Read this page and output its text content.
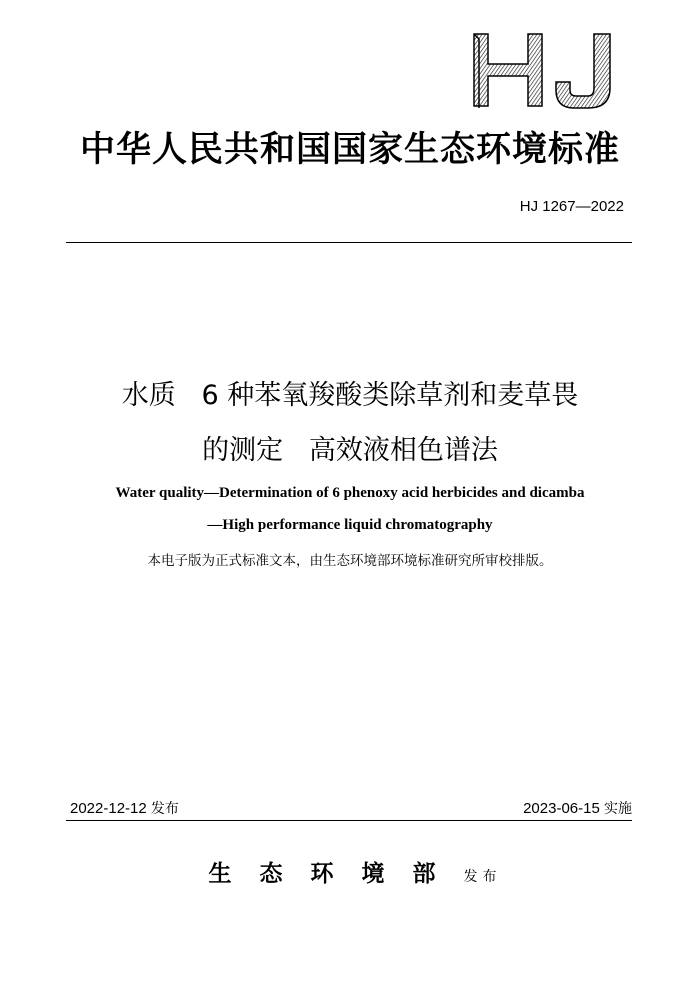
中华人民共和国国家生态环境标准
HJ 1267—2022
水质   6 种苯氧羧酸类除草剂和麦草畏
的测定   高效液相色谱法
Water quality—Determination of 6 phenoxy acid herbicides and dicamba
—High performance liquid chromatography
本电子版为正式标准文本，由生态环境部环境标准研究所审校排版。
2022-12-12 发布	2023-06-15 实施
生 态 环 境 部 发布
